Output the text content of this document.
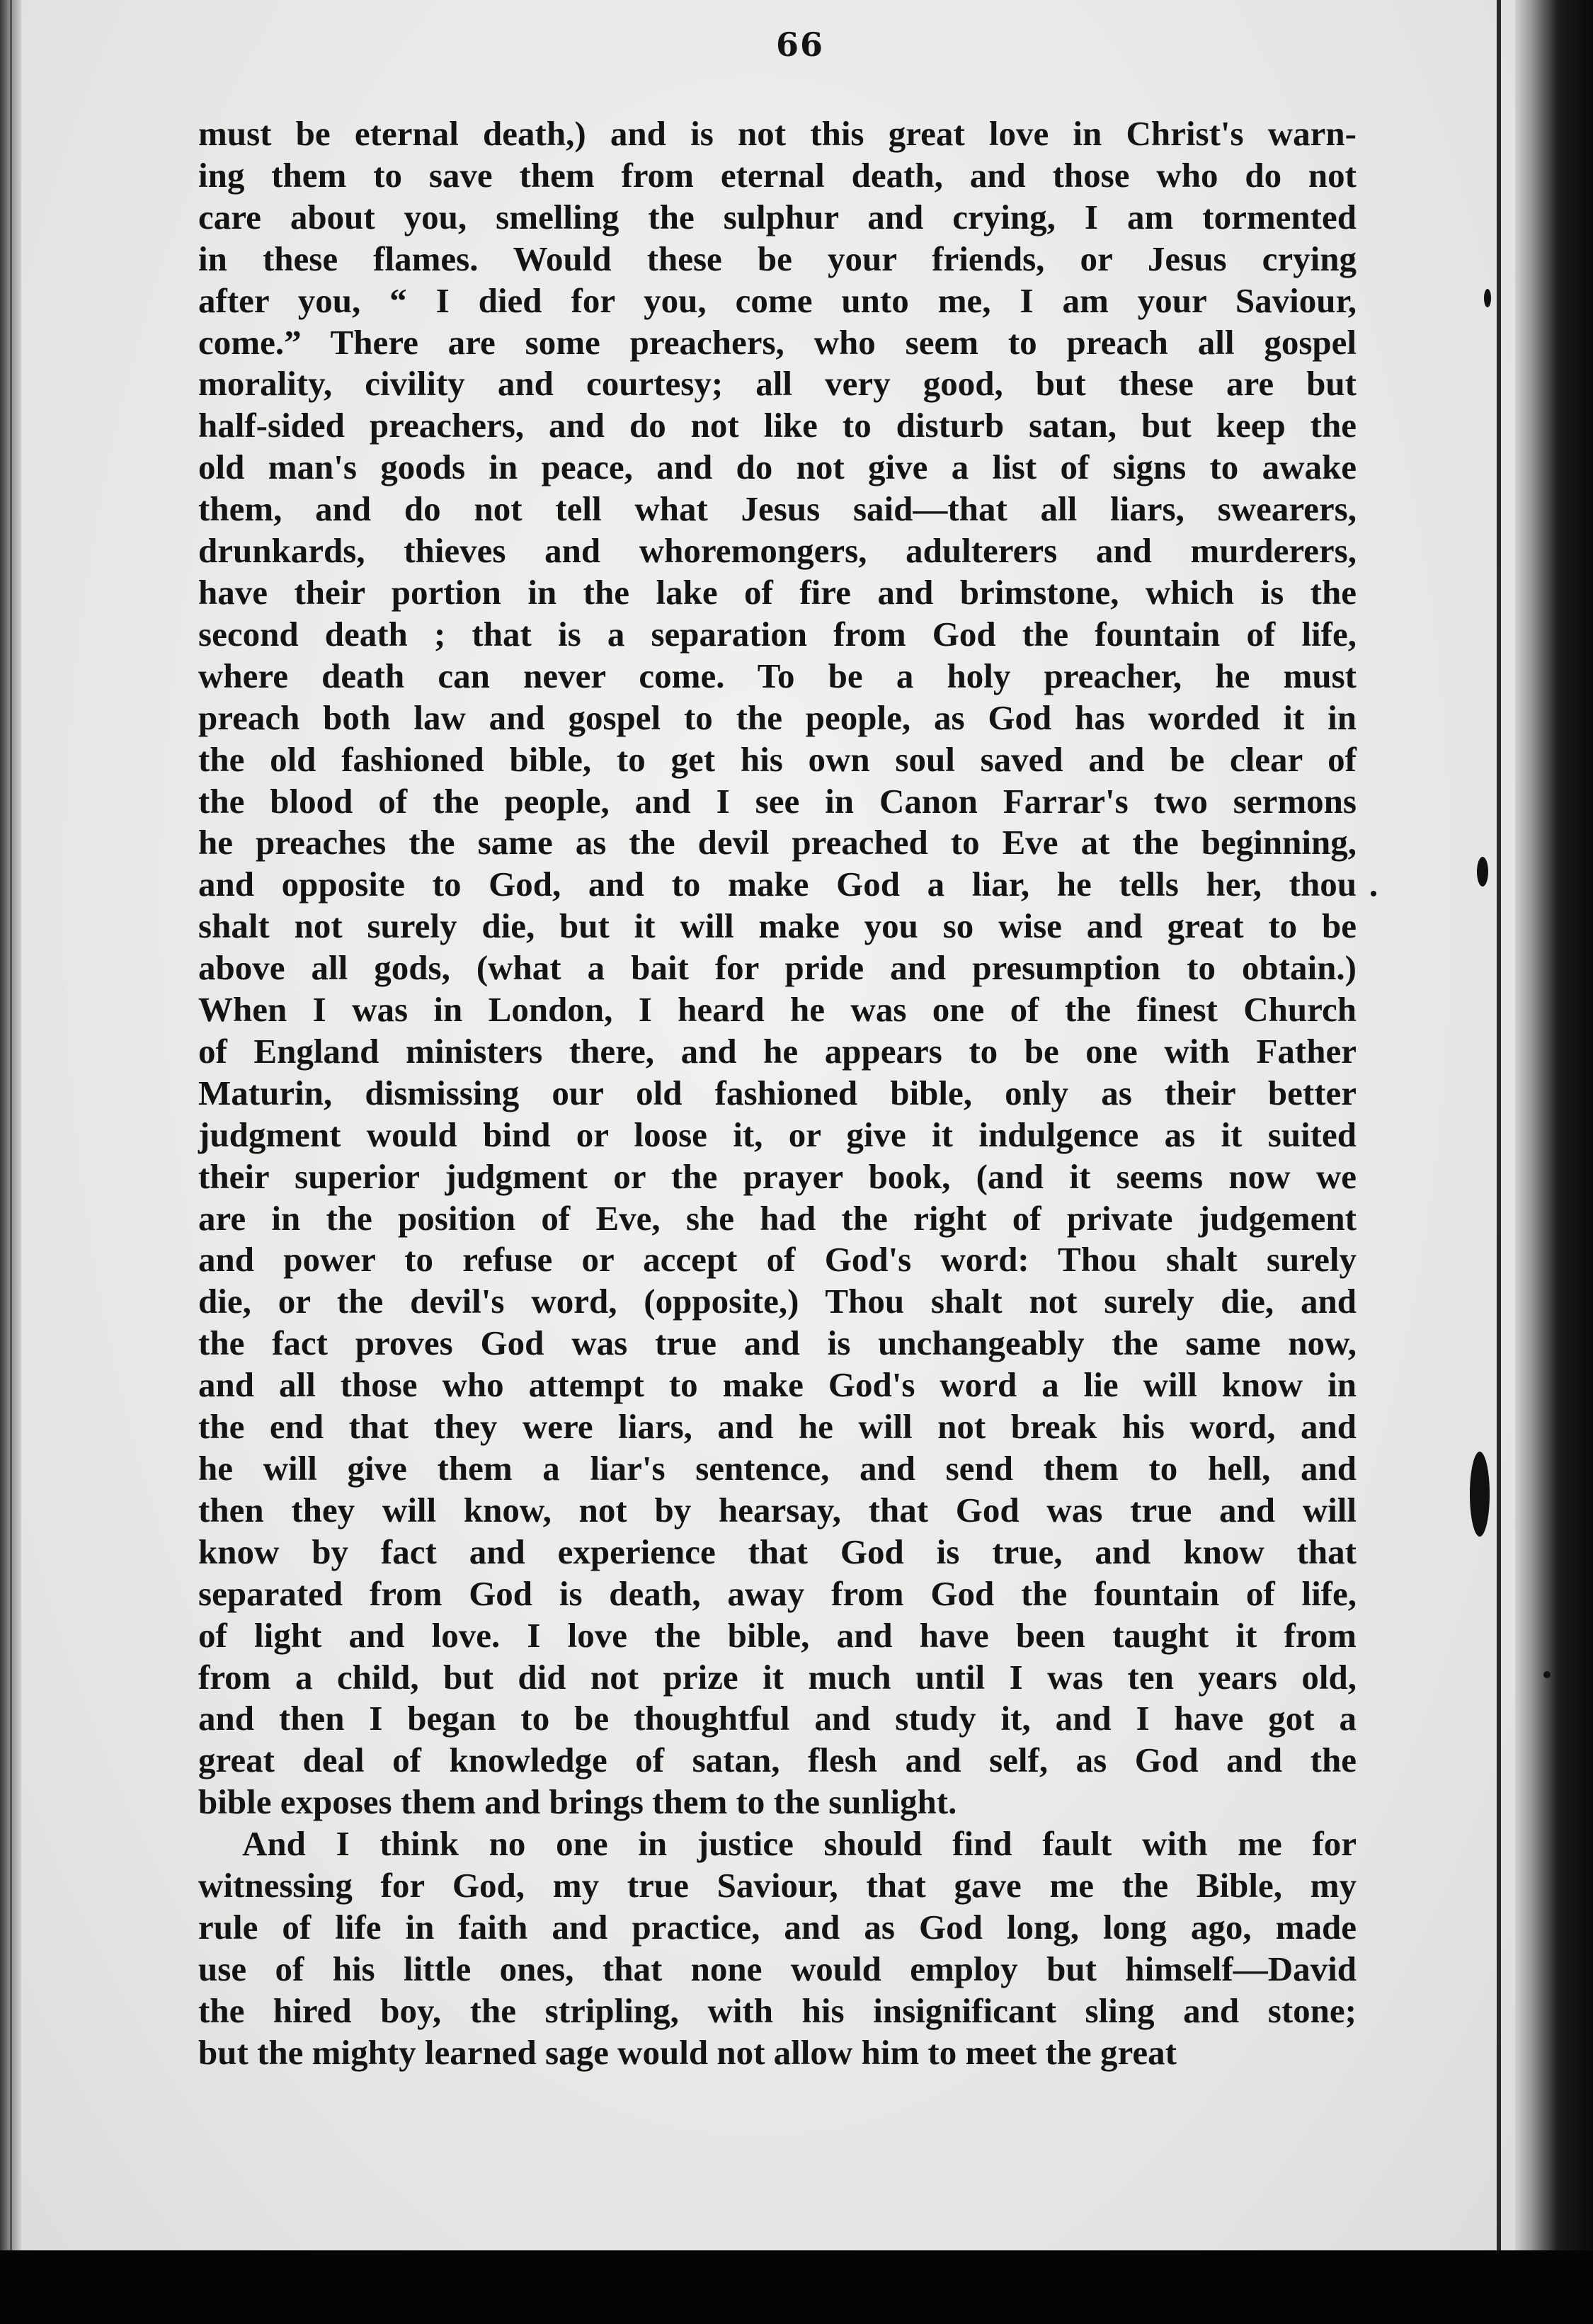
66

must be eternal death,) and is not this great love in Christ's warn-
ing them to save them from eternal death, and those who do not
care about you, smelling the sulphur and crying, I am tormented
in these flames. Would these be your friends, or Jesus crying
after you, “ I died for you, come unto me, I am your Saviour,
come.” There are some preachers, who seem to preach all gospel
morality, civility and courtesy; all very good, but these are but
half-sided preachers, and do not like to disturb satan, but keep the
old man's goods in peace, and do not give a list of signs to awake
them, and do not tell what Jesus said—that all liars, swearers,
drunkards, thieves and whoremongers, adulterers and murderers,
have their portion in the lake of fire and brimstone, which is the
second death ; that is a separation from God the fountain of life,
where death can never come. To be a holy preacher, he must
preach both law and gospel to the people, as God has worded it in
the old fashioned bible, to get his own soul saved and be clear of
the blood of the people, and I see in Canon Farrar's two sermons
he preaches the same as the devil preached to Eve at the beginning,
and opposite to God, and to make God a liar, he tells her, thou
shalt not surely die, but it will make you so wise and great to be
above all gods, (what a bait for pride and presumption to obtain.)
When I was in London, I heard he was one of the finest Church
of England ministers there, and he appears to be one with Father
Maturin, dismissing our old fashioned bible, only as their better
judgment would bind or loose it, or give it indulgence as it suited
their superior judgment or the prayer book, (and it seems now we
are in the position of Eve, she had the right of private judgement
and power to refuse or accept of God's word: Thou shalt surely
die, or the devil's word, (opposite,) Thou shalt not surely die, and
the fact proves God was true and is unchangeably the same now,
and all those who attempt to make God's word a lie will know in
the end that they were liars, and he will not break his word, and
he will give them a liar's sentence, and send them to hell, and
then they will know, not by hearsay, that God was true and will
know by fact and experience that God is true, and know that
separated from God is death, away from God the fountain of life,
of light and love. I love the bible, and have been taught it from
from a child, but did not prize it much until I was ten years old,
and then I began to be thoughtful and study it, and I have got a
great deal of knowledge of satan, flesh and self, as God and the
bible exposes them and brings them to the sunlight.

And I think no one in justice should find fault with me for
witnessing for God, my true Saviour, that gave me the Bible, my
rule of life in faith and practice, and as God long, long ago, made
use of his little ones, that none would employ but himself—David
the hired boy, the stripling, with his insignificant sling and stone;
but the mighty learned sage would not allow him to meet the great
